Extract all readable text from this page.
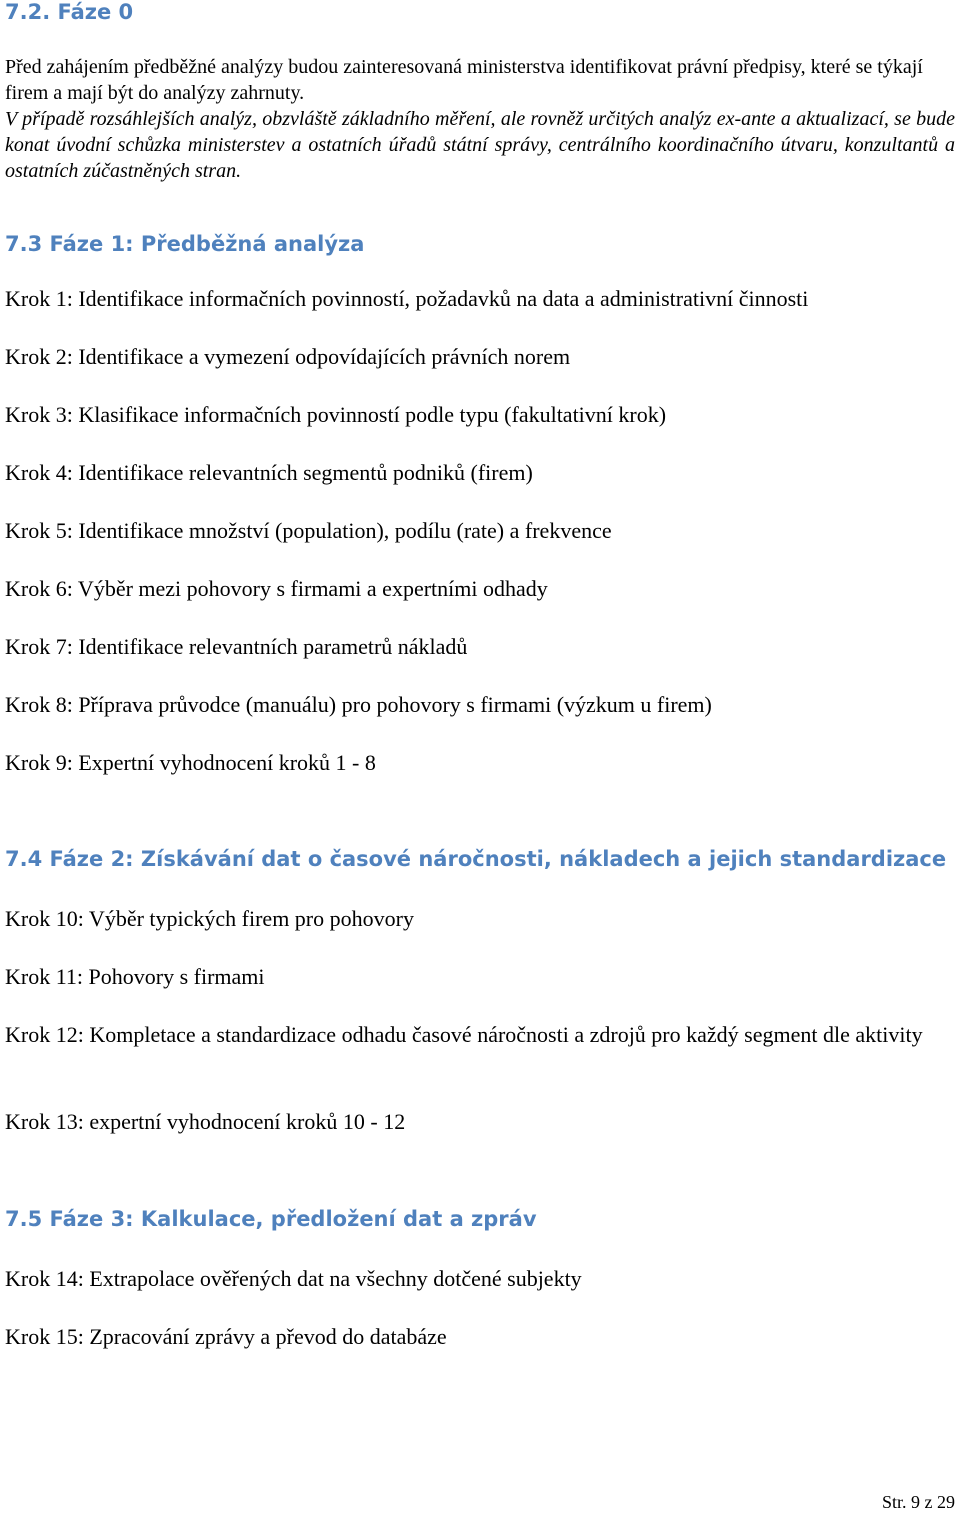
7.2. Fáze 0

Před zahájením předběžné analýzy budou zainteresovaná ministerstva identifikovat právní předpisy, které se týkají firem a mají být do analýzy zahrnuty.

V případě rozsáhlejších analýz, obzvláště základního měření, ale rovněž určitých analýz ex-ante a aktualizací, se bude konat úvodní schůzka ministerstev a ostatních úřadů státní správy, centrálního koordinačního útvaru, konzultantů a ostatních zúčastněných stran.

7.3 Fáze 1: Předběžná analýza

Krok 1: Identifikace informačních povinností, požadavků na data a administrativní činnosti

Krok 2: Identifikace a vymezení odpovídajících právních norem

Krok 3: Klasifikace informačních povinností podle typu (fakultativní krok)

Krok 4: Identifikace relevantních segmentů podniků (firem)

Krok 5: Identifikace množství (population), podílu (rate) a frekvence

Krok 6: Výběr mezi pohovory s firmami a expertními odhady

Krok 7: Identifikace relevantních parametrů nákladů

Krok 8: Příprava průvodce (manuálu) pro pohovory s firmami (výzkum u firem)

Krok 9: Expertní vyhodnocení kroků 1 - 8

7.4 Fáze 2: Získávání dat o časové náročnosti, nákladech a jejich standardizace

Krok 10: Výběr typických firem pro pohovory

Krok 11: Pohovory s firmami

Krok 12: Kompletace a standardizace odhadu časové náročnosti a zdrojů pro každý segment dle aktivity

Krok 13: expertní vyhodnocení kroků 10 - 12

7.5 Fáze 3: Kalkulace, předložení dat a zpráv

Krok 14: Extrapolace ověřených dat na všechny dotčené subjekty

Krok 15: Zpracování zprávy a převod do databáze

Str. 9 z 29
